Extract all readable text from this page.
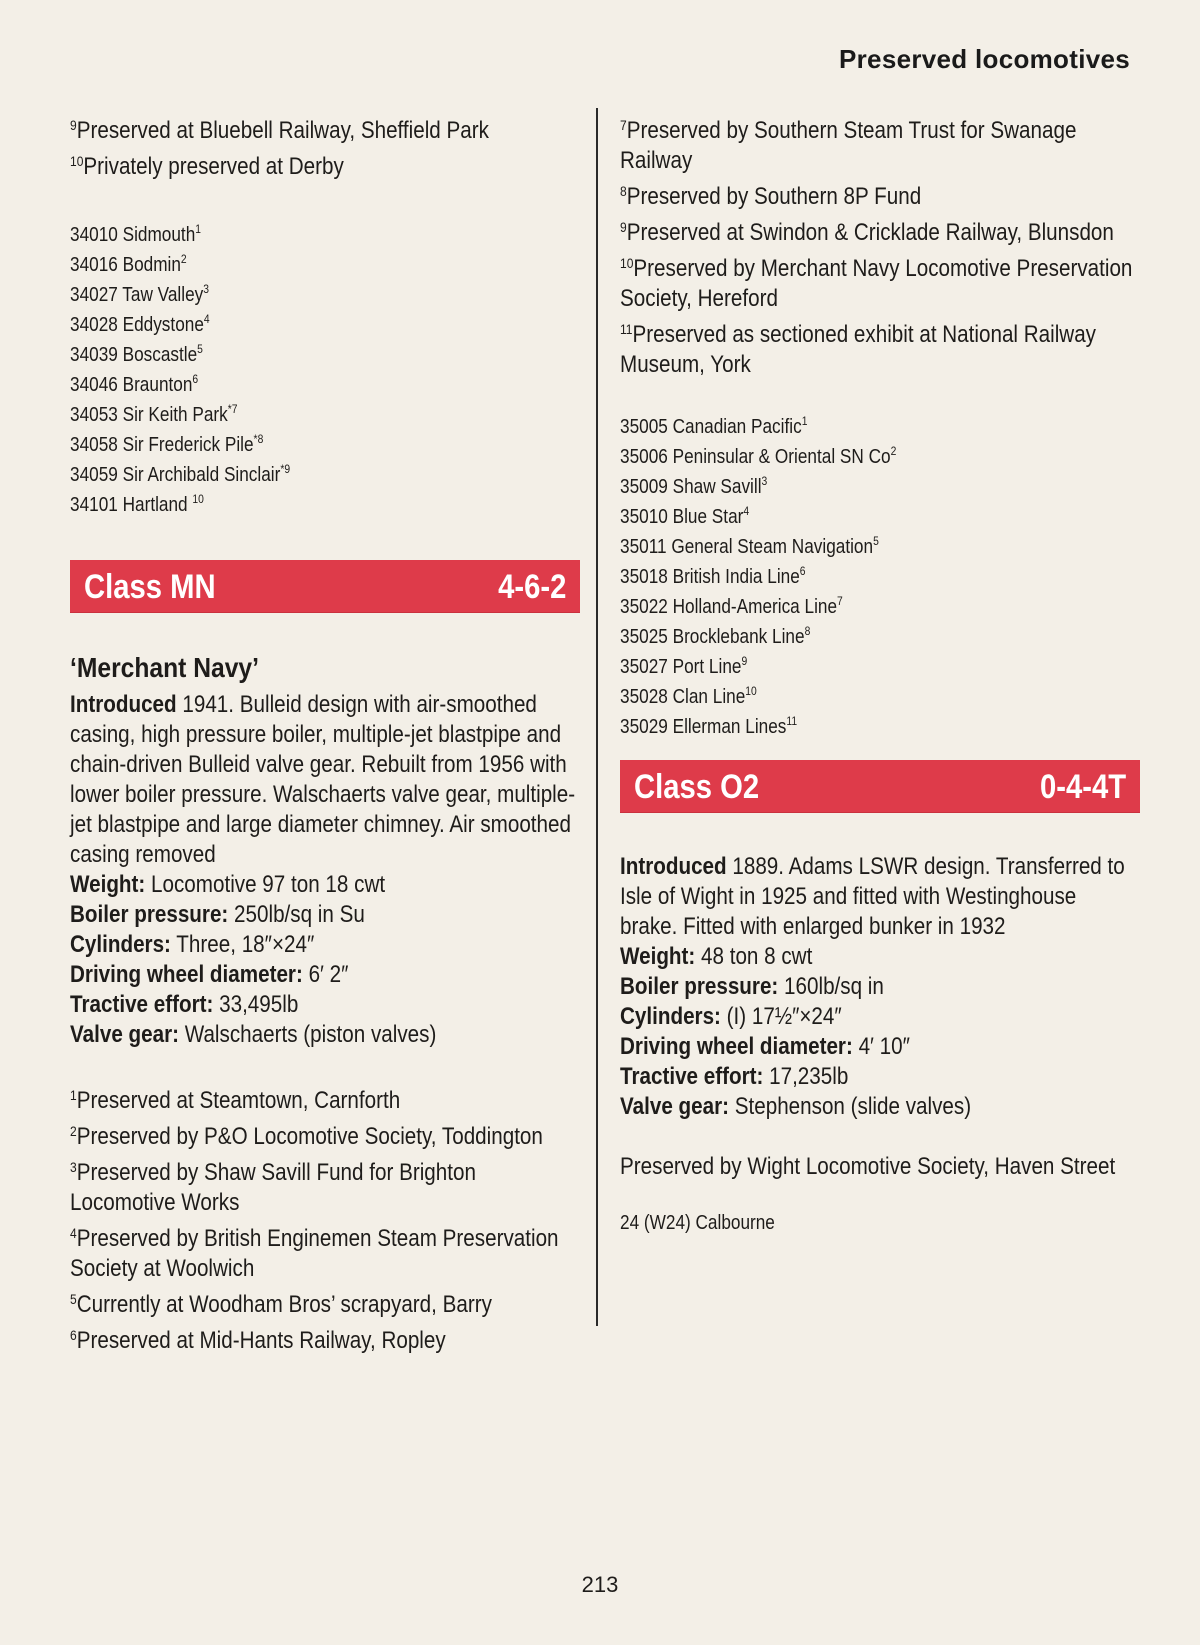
Preserved locomotives

$^9$Preserved at Bluebell Railway, Sheffield Park

$^{10}$Privately preserved at Derby

34010 Sidmouth$^1$
34016 Bodmin$^2$
34027 Taw Valley$^3$
34028 Eddystone$^4$
34039 Boscastle$^5$
34046 Braunton$^6$
34053 Sir Keith Park$^{*7}$
34058 Sir Frederick Pile$^{*8}$
34059 Sir Archibald Sinclair$^{*9}$
34101 Hartland $^{10}$
Class MN	4-6-2

‘Merchant Navy’

Introduced 1941. Bulleid design with air-smoothed casing, high pressure boiler, multiple-jet blastpipe and chain-driven Bulleid valve gear. Rebuilt from 1956 with lower boiler pressure. Walschaerts valve gear, multiple-jet blastpipe and large diameter chimney. Air smoothed casing removed

Weight: Locomotive 97 ton 18 cwt

Boiler pressure: 250lb/sq in Su

Cylinders: Three, 18″×24″

Driving wheel diameter: 6′ 2″

Tractive effort: 33,495lb

Valve gear: Walschaerts (piston valves)

$^1$Preserved at Steamtown, Carnforth

$^2$Preserved by P&O Locomotive Society, Toddington

$^3$Preserved by Shaw Savill Fund for Brighton Locomotive Works

$^4$Preserved by British Enginemen Steam Preservation Society at Woolwich

$^5$Currently at Woodham Bros’ scrapyard, Barry

$^6$Preserved at Mid-Hants Railway, Ropley

$^7$Preserved by Southern Steam Trust for Swanage Railway

$^8$Preserved by Southern 8P Fund

$^9$Preserved at Swindon & Cricklade Railway, Blunsdon

$^{10}$Preserved by Merchant Navy Locomotive Preservation Society, Hereford

$^{11}$Preserved as sectioned exhibit at National Railway Museum, York

35005 Canadian Pacific$^1$
35006 Peninsular & Oriental SN Co$^2$
35009 Shaw Savill$^3$
35010 Blue Star$^4$
35011 General Steam Navigation$^5$
35018 British India Line$^6$
35022 Holland-America Line$^7$
35025 Brocklebank Line$^8$
35027 Port Line$^9$
35028 Clan Line$^{10}$
35029 Ellerman Lines$^{11}$
Class O2	0-4-4T

Introduced 1889. Adams LSWR design. Transferred to Isle of Wight in 1925 and fitted with Westinghouse brake. Fitted with enlarged bunker in 1932

Weight: 48 ton 8 cwt

Boiler pressure: 160lb/sq in

Cylinders: (I) 17½″×24″

Driving wheel diameter: 4′ 10″

Tractive effort: 17,235lb

Valve gear: Stephenson (slide valves)

Preserved by Wight Locomotive Society, Haven Street

24 (W24) Calbourne
213
